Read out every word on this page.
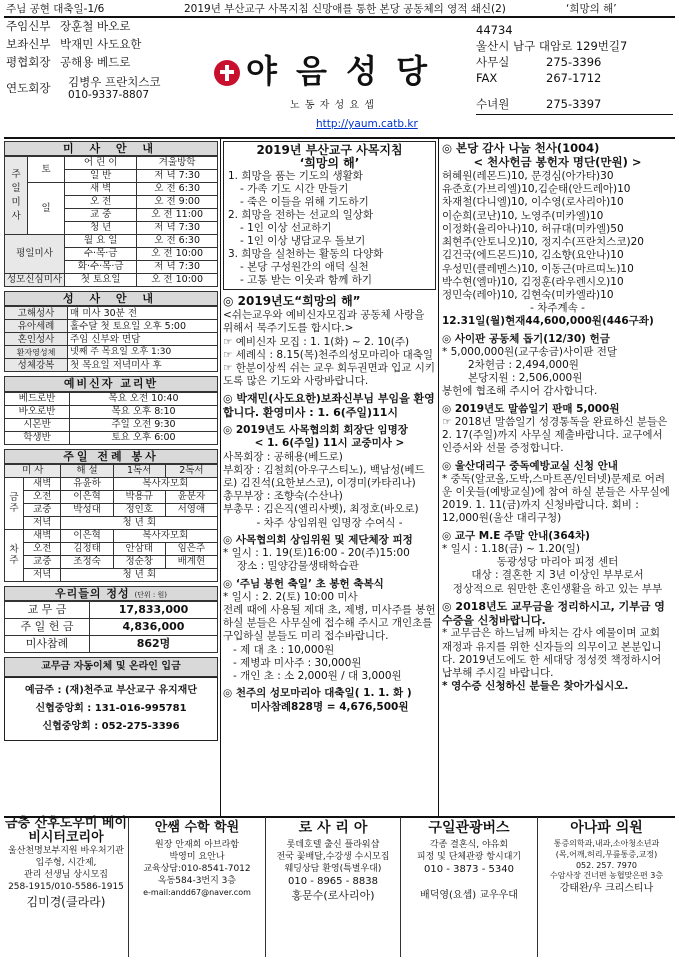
주님 공현 대축일-1/6	2019년 부산교구 사목지침 신망애를 통한 본당 공동체의 영적 쇄신(2)	‘희망의 해’
주임신부 장훈철 바오로
보좌신부 박재민 사도요한
평협회장 공해용 베드로
연도회장 김병우 프란치스코
010-9337-8807
야 음 성 당
노 동 자 성 요 셉
http://yaum.catb.kr
44734
울산시 남구 대암로 129번길7
사무실	275-3396
FAX	267-1712
수녀원	275-3397
미 사 안 내
주일미사	토	어 린 이	겨울방학
		일 반	저 녁 7:30
	일	새 벽	오 전 6:30
		오 전	오 전 9:00
		교 중	오 전 11:00
		청 년	저 녁 7:30
평일미사		월 요 일	오 전 6:30
		수·목·금	오 전 10:00
		화·수·목·금	저 녁 7:30
성모신심미사		첫 토요일	오 전 10:00
성 사 안 내
고해성사	매 미사 30분 전
유아세례	홀수달 첫 토요일 오후 5:00
혼인성사	주임 신부와 면담
환자영성체	넷째 주 목요일 오후 1:30
성체강복	첫 목요일 저녁미사 후
예비신자 교리반
베드로반	목요 오전 10:40
바오로반	목요 오후 8:10
시몬반	주일 오전 9:30
학생반	토요 오후 6:00
주일 전례 봉사
미 사		해 설	1독서	2독서
금주	새벽	유윤하	복사자모회	
	오전	이은혁	박용규	윤분자
	교중	박성대	정인호	서영애
	저녁	청 년 회		
차주	새벽	이은혁	복사자모회	
	오전	김정태	안삼태	임은주
	교중	조정숙	정순창	배계현
	저녁	청 년 회		
우리들의 정성 (단위 : 원)
교 무 금	17,833,000
주 일 헌 금	4,836,000
미사참례	862명
교무금 자동이체 및 온라인 입금
예금주 : (재)천주교 부산교구 유지재단
신협중앙회 : 131-016-995781
신협중앙회 : 052-275-3396
2019년 부산교구 사목지침
‘희망의 해’
1. 희망을 품는 기도의 생활화
- 가족 기도 시간 만들기
- 죽은 이들을 위해 기도하기
2. 희망을 전하는 선교의 일상화
- 1인 이상 선교하기
- 1인 이상 냉담교우 돌보기
3. 희망을 실천하는 활동의 다양화
- 본당 구성원간의 애덕 실천
- 고통 받는 이웃과 함께 하기
◎ 2019년도“희망의 해”

<쉬는교우와 예비신자모집과 공동체 사랑을 위해서 묵주기도를 합시다.>

☞ 예비신자 모집 : 1. 1(화) ~ 2. 10(주)

☞ 세례식 : 8.15(목)천주의성모마리아 대축일

☞ 한분이상씩 쉬는 교우 회두권면과 입교 시키도록 많은 기도와 사랑바랍니다.

◎ 박재민(사도요한)보좌신부님 부임을 환영합니다. 환영미사 : 1. 6(주일)11시
◎ 2019년도 사목협의회 회장단 임명장
< 1. 6(주일) 11시 교중미사 >

사목회장 : 공해용(베드로)

부회장 : 김철희(아우구스티노), 백남성(베드로) 김진석(요한보스코), 이경미(카타리나)

총무부장 : 조향숙(수산나)

부총무 : 김은직(엘리사벳), 최정호(바오로)

- 차주 상임위원 임명장 수여식 -

◎ 사목협의회 상임위원 및 제단체장 피정

* 일시 : 1. 19(토)16:00 - 20(주)15:00

장소 : 밀양감물생태학습관

◎ ‘주님 봉헌 축일’ 초 봉헌 축복식

* 일시 : 2. 2(토) 10:00 미사

전례 때에 사용될 제대 초, 제병, 미사주를 봉헌 하실 분들은 사무실에 접수해 주시고 개인초를 구입하실 분들도 미리 접수바랍니다.

- 제 대 초 : 10,000원

- 제병과 미사주 : 30,000원

- 개인 초 : 소 2,000원 / 대 3,000원

◎ 천주의 성모마리아 대축일( 1. 1. 화 )
미사참례828명 = 4,676,500원
◎ 본당 감사 나눔 천사(1004)
< 천사헌금 봉헌자 명단(만원) >
허혜원(레몬드)10, 문경심(아가타)30
유준호(가브리엘)10,김순태(안드레아)10
차재철(다니엘)10, 이수영(로사리아)10
이순희(코난)10, 노영주(미카엘)10
이정화(율리아나)10, 허규대(미카엘)50
최현주(안토니오)10, 정지수(프란치스코)20
김건국(에드몬드)10, 김소향(요안나)10
우성민(클레멘스)10, 이동근(마르띠노)10
박수현(엘마)10, 김정훈(라우렌시오)10
정민숙(레아)10, 김현숙(미카엘라)10
- 차주계속 -
12.31일(월)현재44,600,000원(446구좌)
◎ 사이판 공동체 돕기(12/30) 헌금

* 5,000,000원(교구송금)사이판 전달

2차헌금 : 2,494,000원

본당지원 : 2,506,000원

봉헌에 협조해 주시어 감사합니다.

◎ 2019년도 말씀일기 판매 5,000원

☞ 2018년 말씀일기 성경통독을 완료하신 분들은 2. 17(주일)까지 사무실 제출바랍니다. 교구에서 인증서와 선물 증정합니다.

◎ 울산대리구 중독예방교실 신청 안내

* 중독(알코올,도박,스마트폰/인터넷)문제로 어려운 이웃들(예방교실)에 참여 하실 분들은 사무실에 2019. 1. 11(금)까지 신청바랍니다. 회비 : 12,000원(울산 대리구청)

◎ 교구 M.E 주말 안내(364차)

* 일시 : 1.18(금) ~ 1.20(일)

동광성당 마리아 피정 센터

대상 : 결혼한 지 3년 이상인 부부로서

정상적으로 원만한 혼인생활을 하고 있는 부부

◎ 2018년도 교무금을 정리하시고, 기부금 영수증을 신청바랍니다.

* 교무금은 하느님께 바치는 감사 예물이며 교회 재정과 유지를 위한 신자들의 의무이고 본분입니다. 2019년도에도 한 세대당 정성껏 책정하시어 납부해 주시길 바랍니다.

* 영수증 신청하신 분들은 찾아가십시오.

금충 산후도우미 베이비시터코리아
울산천명보부지원 바우처기관
입주형, 시간제,
관리 선생님 상시모집
258-1915/010-5586-1915
김미경(클라라)
안쌤 수학 학원
원장 안재희 아브라함
박영미 요안나
교육상담:010-8541-7012
옥동584-3번지 3층
e-mail:andd67@naver.com
로 사 리 아
롯데호텔 출신 플라워샵
전국 꽃배달,수강생 수시모집
웨딩상담 환영(특별우대)
010 - 8965 - 8838
홍문수(로사리아)
구일관광버스
각종 결혼식, 야유회
피정 및 단체관광 항시대기
010 - 3873 - 5340
배덕영(요셉) 교우우대
아나파 의원
통증의학과,내과,소아청소년과
(목,어깨,허리,무릎통증,교정)
052. 257. 7970
수암사장 건너편 농협맞은편 3층
강태완/우 크리스티나
